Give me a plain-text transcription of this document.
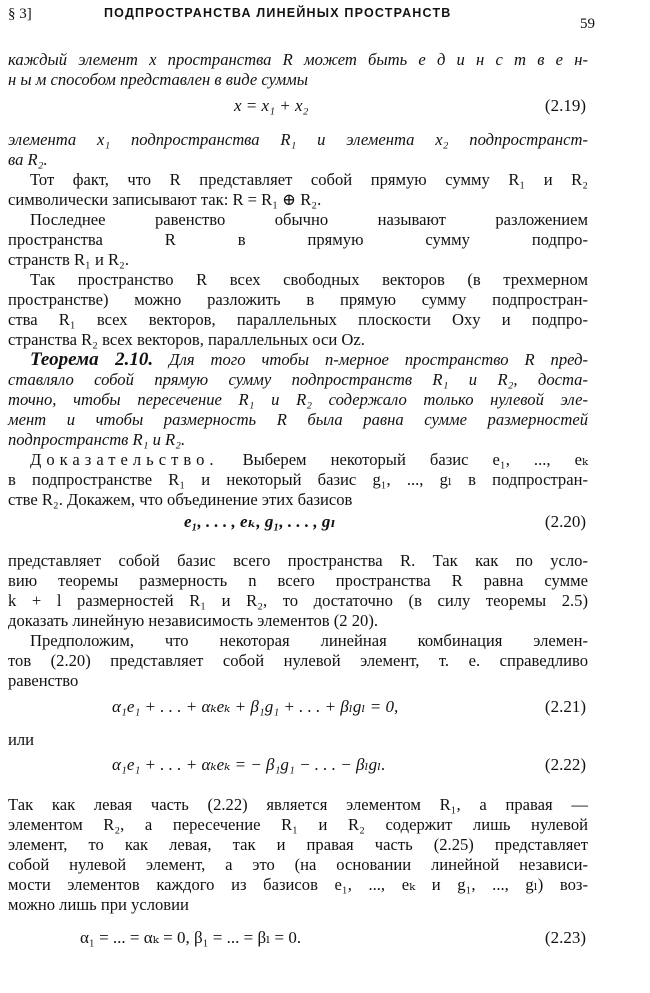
§ 3]	ПОДПРОСТРАНСТВА ЛИНЕЙНЫХ ПРОСТРАНСТВ
59
каждый элемент x пространства R может быть е д и н с т в е н-
н ы м способом представлен в виде суммы
x = x₁ + x₂	(2.19)
элемента x₁ подпространства R₁ и элемента x₂ подпространст-
ва R₂.
Тот факт, что R представляет собой прямую сумму R₁ и R₂
символически записывают так: R = R₁ ⊕ R₂.
Последнее равенство обычно называют разложением
пространства R в прямую сумму подпро-
странств R₁ и R₂.
Так пространство R всех свободных векторов (в трехмерном
пространстве) можно разложить в прямую сумму подпростран-
ства R₁ всех векторов, параллельных плоскости Oxy и подпро-
странства R₂ всех векторов, параллельных оси Oz.
Теорема 2.10. Для того чтобы n-мерное пространство R пред-
ставляло собой прямую сумму подпространств R₁ и R₂, доста-
точно, чтобы пересечение R₁ и R₂ содержало только нулевой эле-
мент и чтобы размерность R была равна сумме размерностей
подпространств R₁ и R₂.
Доказательство. Выберем некоторый базис e₁, ..., eₖ
в подпространстве R₁ и некоторый базис g₁, ..., gₗ в подпростран-
стве R₂. Докажем, что объединение этих базисов
e₁, . . . , eₖ, g₁, . . . , gₗ	(2.20)
представляет собой базис всего пространства R. Так как по усло-
вию теоремы размерность n всего пространства R равна сумме
k + l размерностей R₁ и R₂, то достаточно (в силу теоремы 2.5)
доказать линейную независимость элементов (2 20).
Предположим, что некоторая линейная комбинация элемен-
тов (2.20) представляет собой нулевой элемент, т. е. справедливо
равенство
α₁e₁ + . . . + αₖeₖ + β₁g₁ + . . . + βₗgₗ = 0,	(2.21)
или
α₁e₁ + . . . + αₖeₖ = − β₁g₁ − . . . − βₗgₗ.	(2.22)
Так как левая часть (2.22) является элементом R₁, а правая —
элементом R₂, а пересечение R₁ и R₂ содержит лишь нулевой
элемент, то как левая, так и правая часть (2.25) представляет
собой нулевой элемент, а это (на основании линейной независи-
мости элементов каждого из базисов e₁, ..., eₖ и g₁, ..., gₗ) воз-
можно лишь при условии
α₁ = ... = αₖ = 0, β₁ = ... = βₗ = 0.	(2.23)
